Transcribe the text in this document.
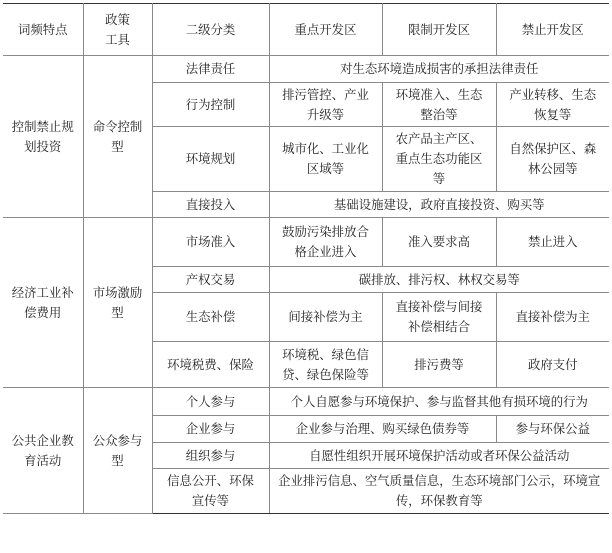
词频特点	政策工具	二级分类	重点开发区	限制开发区	禁止开发区
控制禁止规划投资	命令控制型	法律责任	对生态环境造成损害的承担法律责任		
		行为控制	排污管控、产业升级等	环境准入、生态整治等	产业转移、生态恢复等
		环境规划	城市化、工业化区域等	农产品主产区、重点生态功能区等	自然保护区、森林公园等
		直接投入	基础设施建设，政府直接投资、购买等		
经济工业补偿费用	市场激励型	市场准入	鼓励污染排放合格企业进入	准入要求高	禁止进入
		产权交易	碳排放、排污权、林权交易等		
		生态补偿	间接补偿为主	直接补偿与间接补偿相结合	直接补偿为主
		环境税费、保险	环境税、绿色信贷、绿色保险等	排污费等	政府支付
公共企业教育活动	公众参与型	个人参与	个人自愿参与环境保护、参与监督其他有损环境的行为		
		企业参与	企业参与治理、购买绿色债券等		参与环保公益
		组织参与	自愿性组织开展环境保护活动或者环保公益活动		
		信息公开、环保宣传等	企业排污信息、空气质量信息，生态环境部门公示，环境宣传，环保教育等		
